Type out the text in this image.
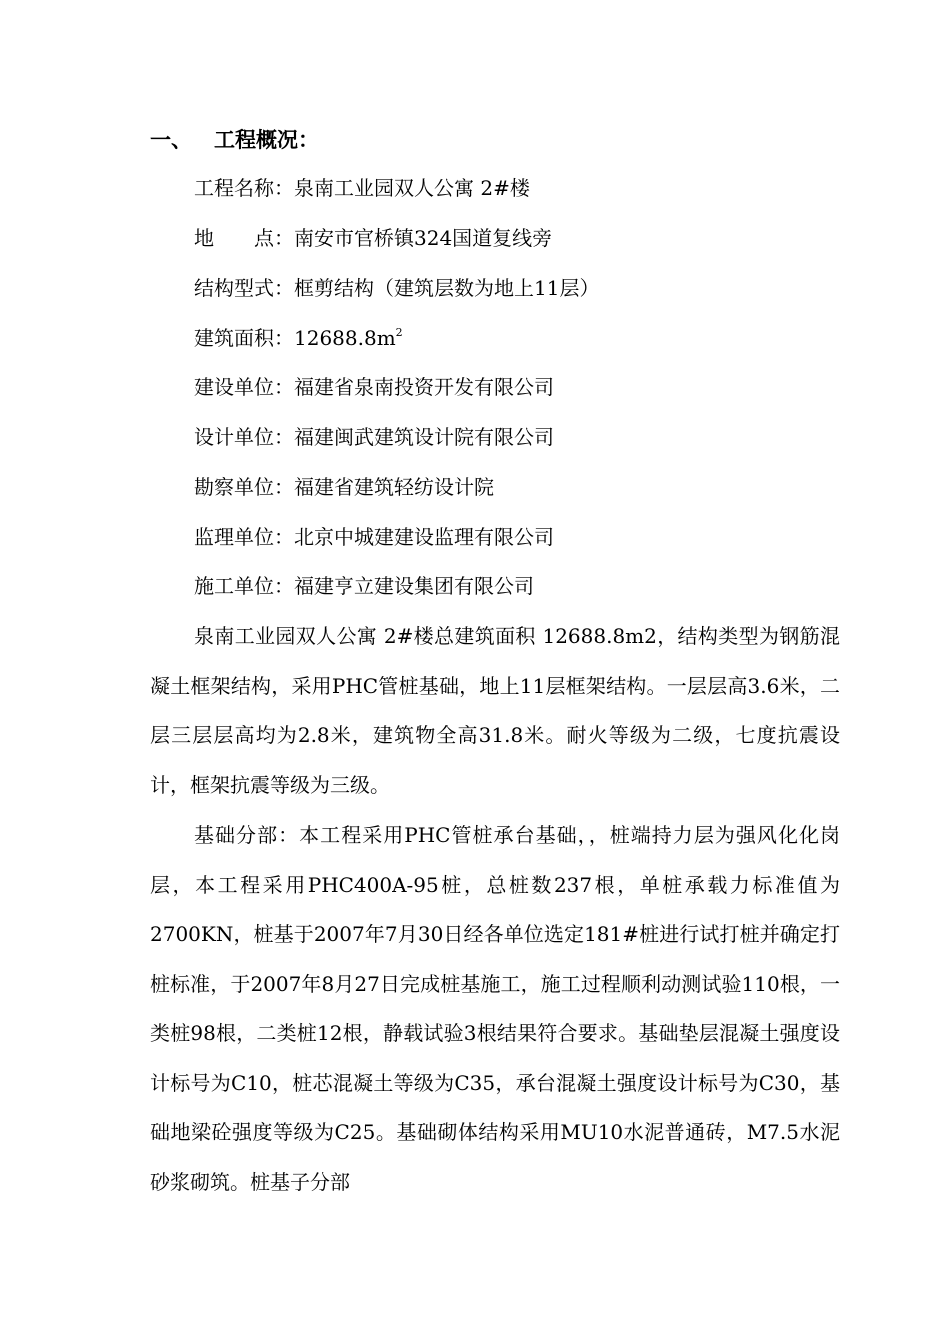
一、 工程概况：
工程名称：泉南工业园双人公寓 2#楼
地　　点：南安市官桥镇324国道复线旁
结构型式：框剪结构（建筑层数为地上11层）
建筑面积：$12688.8m^2$
建设单位：福建省泉南投资开发有限公司
设计单位：福建闽武建筑设计院有限公司
勘察单位：福建省建筑轻纺设计院
监理单位：北京中城建建设监理有限公司
施工单位：福建亨立建设集团有限公司

泉南工业园双人公寓 2#楼总建筑面积 12688.8m2，结构类型为钢筋混凝土框架结构，采用PHC管桩基础，地上11层框架结构。一层层高3.6米，二层三层层高均为2.8米，建筑物全高31.8米。耐火等级为二级，七度抗震设计，框架抗震等级为三级。

基础分部：本工程采用PHC管桩承台基础，，桩端持力层为强风化化岗层，本工程采用PHC400A-95桩，总桩数237根，单桩承载力标准值为2700KN，桩基于2007年7月30日经各单位选定181#桩进行试打桩并确定打桩标准，于2007年8月27日完成桩基施工，施工过程顺利动测试验110根，一类桩98根，二类桩12根，静载试验3根结果符合要求。基础垫层混凝土强度设计标号为C10，桩芯混凝土等级为C35，承台混凝土强度设计标号为C30，基础地梁砼强度等级为C25。基础砌体结构采用MU10水泥普通砖，M7.5水泥砂浆砌筑。桩基子分部
